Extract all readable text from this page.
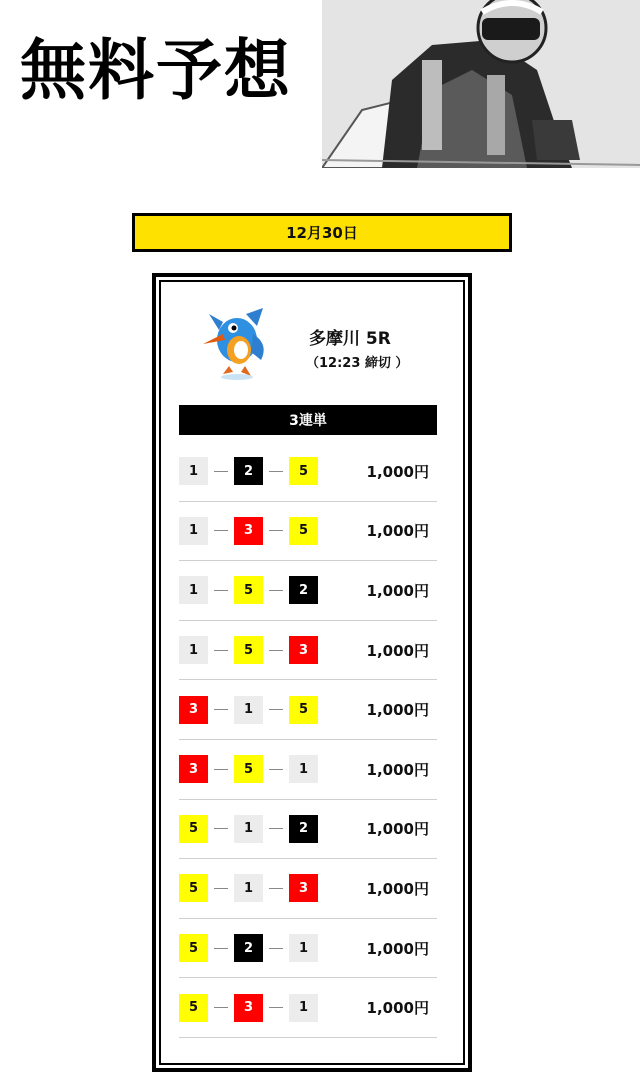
無料予想
12月30日
多摩川 5R
（12:23 締切 ）
3連単
1	2	5	1,000円
1	3	5	1,000円
1	5	2	1,000円
1	5	3	1,000円
3	1	5	1,000円
3	5	1	1,000円
5	1	2	1,000円
5	1	3	1,000円
5	2	1	1,000円
5	3	1	1,000円
